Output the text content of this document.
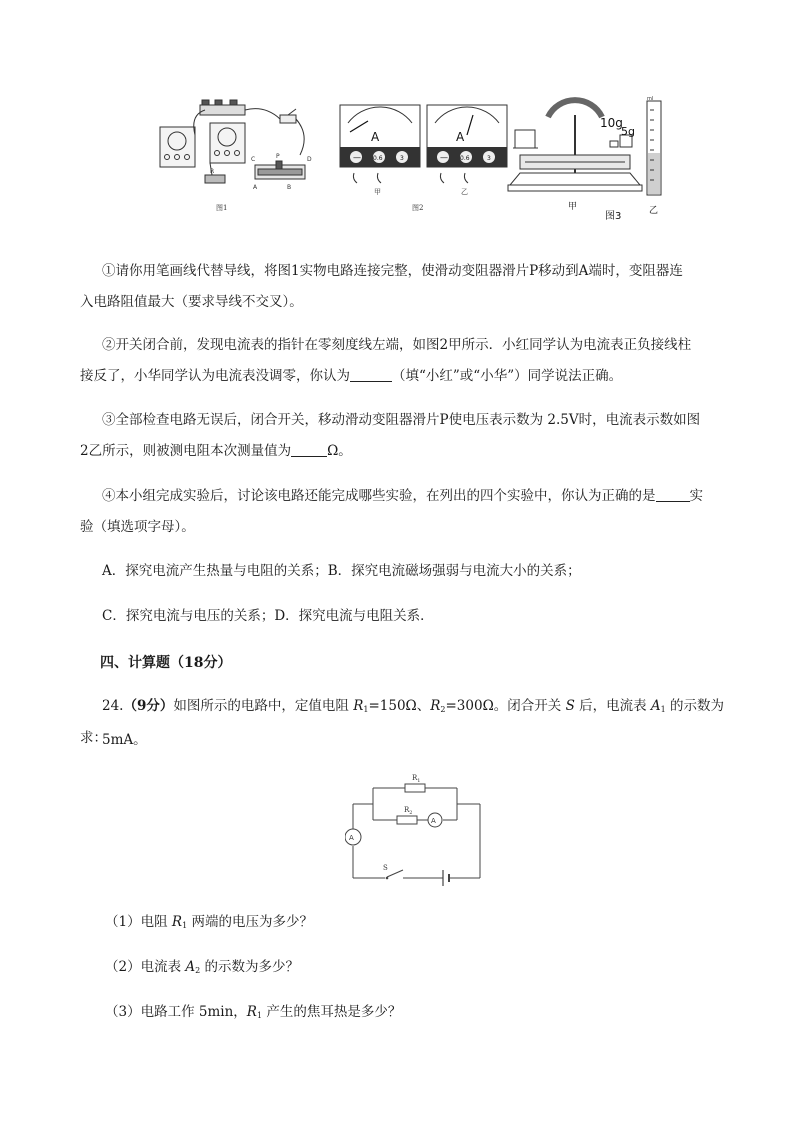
R
C	P	D
A	B
图1
A
— 0.6	3
甲
A
— 0.6	3
乙
图2
10g
5g
甲
图3
ml
乙

①请你用笔画线代替导线，将图1实物电路连接完整，使滑动变阻器滑片P移动到A端时，变阻器连
入电路阻值最大（要求导线不交叉）。

②开关闭合前，发现电流表的指针在零刻度线左端，如图2甲所示．小红同学认为电流表正负接线柱
接反了，小华同学认为电流表没调零，你认为	（填“小红”或“小华”）同学说法正确。

③全部检查电路无误后，闭合开关，移动滑动变阻器滑片P使电压表示数为 2.5V时，电流表示数如图
2乙所示，则被测电阻本次测量值为	Ω。

④本小组完成实验后，讨论该电路还能完成哪些实验，在列出的四个实验中，你认为正确的是	实
验（填选项字母）。

A．探究电流产生热量与电阻的关系；B．探究电流磁场强弱与电流大小的关系；

C．探究电流与电压的关系；D．探究电流与电阻关系．

四、计算题（18分）

24.（9分）如图所示的电路中，定值电阻 $R_1=150\Omega$、$R_2=300\Omega$。闭合开关 S 后，电流表 $A_1$ 的示数为 5mA。

求：

$R_1$
$R_2$
A
A
S

（1）电阻 $R_1$ 两端的电压为多少？

（2）电流表 $A_2$ 的示数为多少？

（3）电路工作 5min，$R_1$ 产生的焦耳热是多少？
